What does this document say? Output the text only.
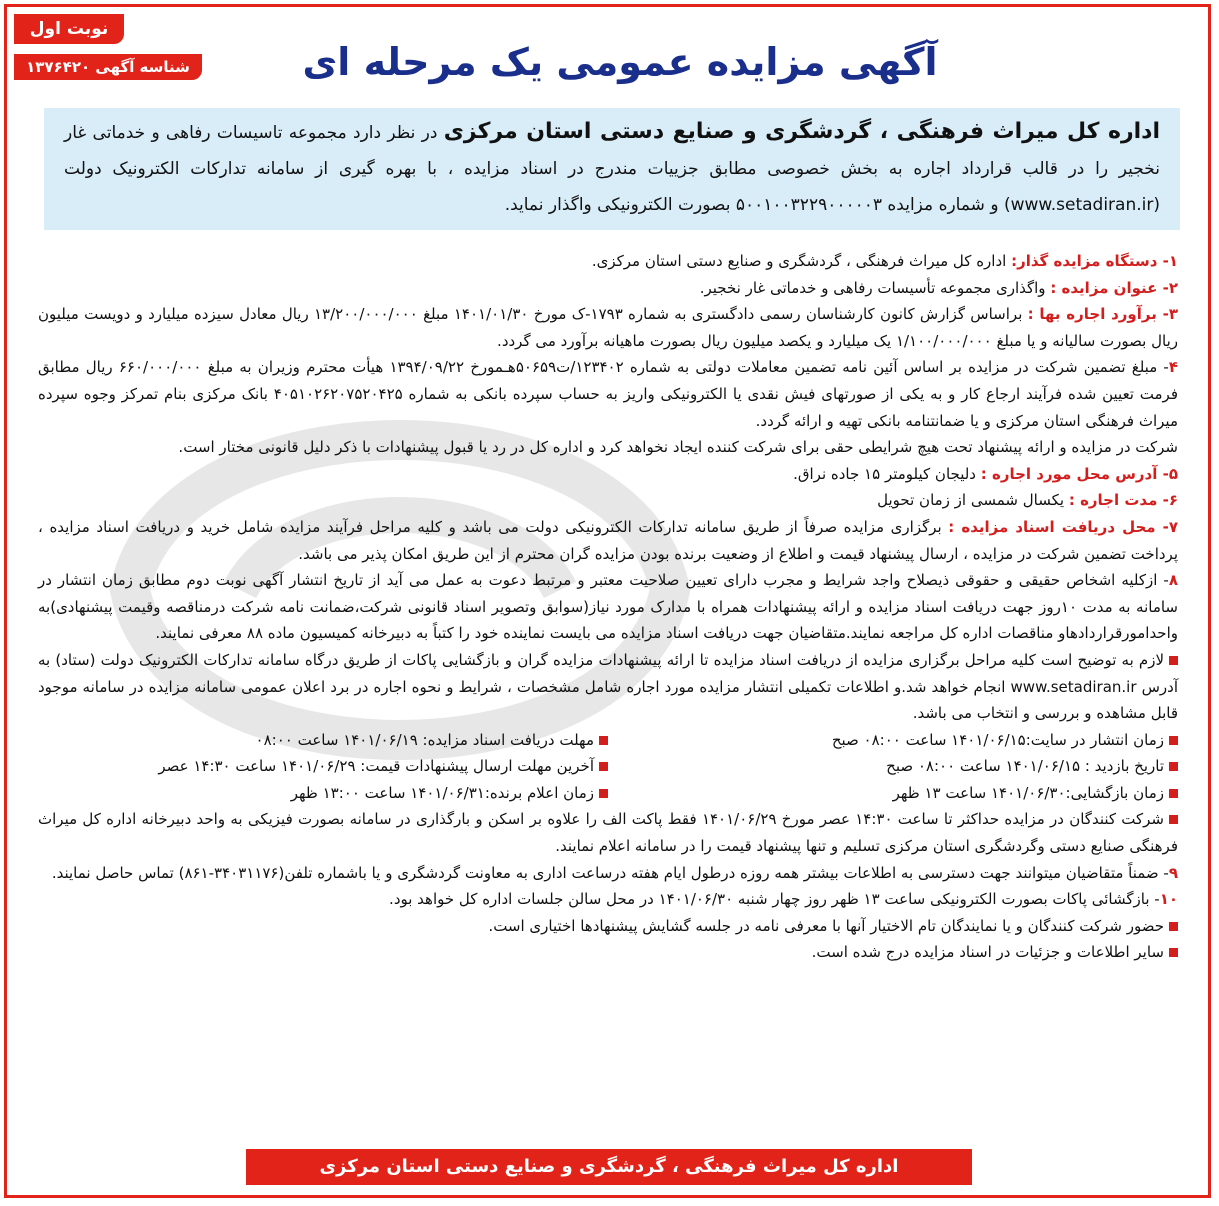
نوبت اول
شناسه آگهی ۱۳۷۶۴۲۰	آگهی مزایده عمومی یک مرحله ای
اداره کل میراث فرهنگی ، گردشگری و صنایع دستی استان مرکزی در نظر دارد مجموعه تاسیسات رفاهی و خدماتی غار نخجیر را در قالب قرارداد اجاره به بخش خصوصی مطابق جزییات مندرج در اسناد مزایده ، با بهره گیری از سامانه تدارکات الکترونیک دولت (www.setadiran.ir) و شماره مزایده ۵۰۰۱۰۰۳۲۲۹۰۰۰۰۰۳ بصورت الکترونیکی واگذار نماید.

۱- دستگاه مزایده گذار: اداره کل میراث فرهنگی ، گردشگری و صنایع دستی استان مرکزی.

۲- عنوان مزایده : واگذاری مجموعه تأسیسات رفاهی و خدماتی غار نخجیر.

۳- برآورد اجاره بها : براساس گزارش کانون کارشناسان رسمی دادگستری به شماره ۱۷۹۳-ک مورخ ۱۴۰۱/۰۱/۳۰ مبلغ ۱۳/۲۰۰/۰۰۰/۰۰۰ ریال معادل سیزده میلیارد و دویست میلیون ریال بصورت سالیانه و یا مبلغ ۱/۱۰۰/۰۰۰/۰۰۰ یک میلیارد و یکصد میلیون ریال بصورت ماهیانه برآورد می گردد.

۴- مبلغ تضمین شرکت در مزایده بر اساس آئین نامه تضمین معاملات دولتی به شماره ۱۲۳۴۰۲/ت۵۰۶۵۹هـمورخ ۱۳۹۴/۰۹/۲۲ هیأت محترم وزیران به مبلغ ۶۶۰/۰۰۰/۰۰۰ ریال مطابق فرمت تعیین شده فرآیند ارجاع کار و به یکی از صورتهای فیش نقدی یا الکترونیکی واریز به حساب سپرده بانکی به شماره ۴۰۵۱۰۲۶۲۰۷۵۲۰۴۲۵ بانک مرکزی بنام تمرکز وجوه سپرده میراث فرهنگی استان مرکزی و یا ضمانتنامه بانکی تهیه و ارائه گردد.

شرکت در مزایده و ارائه پیشنهاد تحت هیچ شرایطی حقی برای شرکت کننده ایجاد نخواهد کرد و اداره کل در رد یا قبول پیشنهادات با ذکر دلیل قانونی مختار است.

۵- آدرس محل مورد اجاره : دلیجان کیلومتر ۱۵ جاده نراق.

۶- مدت اجاره : یکسال شمسی از زمان تحویل

۷- محل دریافت اسناد مزایده : برگزاری مزایده صرفاً از طریق سامانه تدارکات الکترونیکی دولت می باشد و کلیه مراحل فرآیند مزایده شامل خرید و دریافت اسناد مزایده ، پرداخت تضمین شرکت در مزایده ، ارسال پیشنهاد قیمت و اطلاع از وضعیت برنده بودن مزایده گران محترم از این طریق امکان پذیر می باشد.

۸- ازکلیه اشخاص حقیقی و حقوقی ذیصلاح واجد شرایط و مجرب دارای تعیین صلاحیت معتبر و مرتبط دعوت به عمل می آید از تاریخ انتشار آگهی نوبت دوم مطابق زمان انتشار در سامانه به مدت ۱۰روز جهت دریافت اسناد مزایده و ارائه پیشنهادات همراه با مدارک مورد نیاز(سوابق وتصویر اسناد قانونی شرکت،ضمانت نامه شرکت درمناقصه وقیمت پیشنهادی)به واحدامورقراردادهاو مناقصات اداره کل مراجعه نمایند.متقاضیان جهت دریافت اسناد مزایده می بایست نماینده خود را کتباً به دبیرخانه کمیسیون ماده ۸۸ معرفی نمایند.

لازم به توضیح است کلیه مراحل برگزاری مزایده از دریافت اسناد مزایده تا ارائه پیشنهادات مزایده گران و بازگشایی پاکات از طریق درگاه سامانه تدارکات الکترونیک دولت (ستاد) به آدرس www.setadiran.ir انجام خواهد شد.و اطلاعات تکمیلی انتشار مزایده مورد اجاره شامل مشخصات ، شرایط و نحوه اجاره در برد اعلان عمومی سامانه مزایده در سامانه موجود قابل مشاهده و بررسی و انتخاب می باشد.

زمان انتشار در سایت:۱۴۰۱/۰۶/۱۵ ساعت ۰۸:۰۰ صبح

تاریخ بازدید : ۱۴۰۱/۰۶/۱۵ ساعت ۰۸:۰۰ صبح

زمان بازگشایی:۱۴۰۱/۰۶/۳۰ ساعت ۱۳ ظهر

مهلت دریافت اسناد مزایده: ۱۴۰۱/۰۶/۱۹ ساعت ۰۸:۰۰

آخرین مهلت ارسال پیشنهادات قیمت: ۱۴۰۱/۰۶/۲۹ ساعت ۱۴:۳۰ عصر

زمان اعلام برنده:۱۴۰۱/۰۶/۳۱ ساعت ۱۳:۰۰ ظهر

شرکت کنندگان در مزایده حداکثر تا ساعت ۱۴:۳۰ عصر مورخ ۱۴۰۱/۰۶/۲۹ فقط پاکت الف را علاوه بر اسکن و بارگذاری در سامانه بصورت فیزیکی به واحد دبیرخانه اداره کل میراث فرهنگی صنایع دستی وگردشگری استان مرکزی تسلیم و تنها پیشنهاد قیمت را در سامانه اعلام نمایند.

۹- ضمناً متقاضیان میتوانند جهت دسترسی به اطلاعات بیشتر همه روزه درطول ایام هفته درساعت اداری به معاونت گردشگری و یا باشماره تلفن(۳۴۰۳۱۱۷۶-۸۶۱) تماس حاصل نمایند.

۱۰- بازگشائی پاکات بصورت الکترونیکی ساعت ۱۳ ظهر روز چهار شنبه ۱۴۰۱/۰۶/۳۰ در محل سالن جلسات اداره کل خواهد بود.

حضور شرکت کنندگان و یا نمایندگان تام الاختیار آنها با معرفی نامه در جلسه گشایش پیشنهادها اختیاری است.

سایر اطلاعات و جزئیات در اسناد مزایده درج شده است.

اداره کل میراث فرهنگی ، گردشگری و صنایع دستی استان مرکزی
